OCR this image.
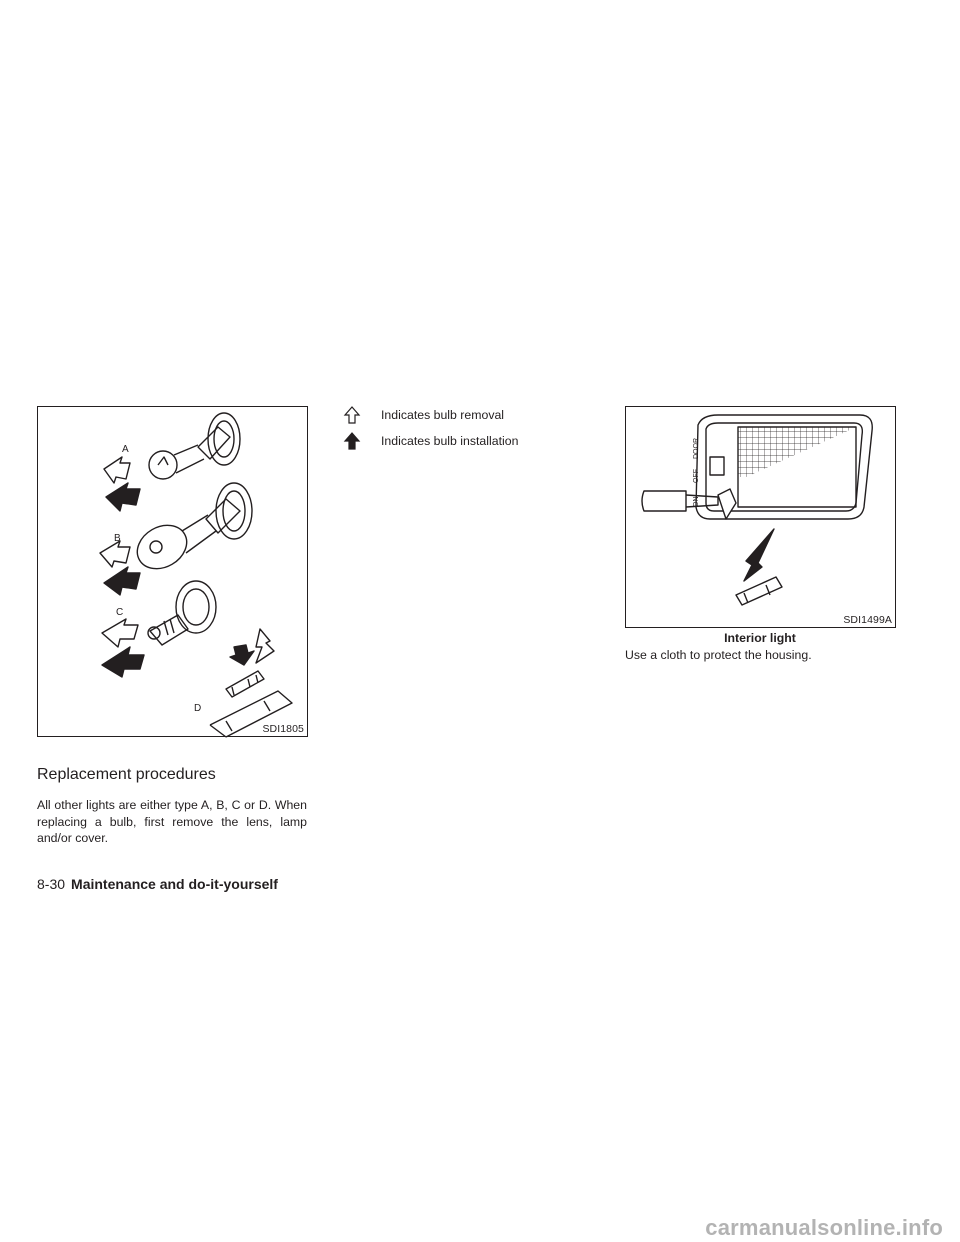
A
B
C
D
SDI1805
Replacement procedures

All other lights are either type A, B, C or D. When replacing a bulb, first remove the lens, lamp and/or cover.

Indicates bulb removal
Indicates bulb installation
ON
OFF
DOOR
SDI1499A
Interior light
Use a cloth to protect the housing.
8-30 Maintenance and do-it-yourself
carmanualsonline.info
